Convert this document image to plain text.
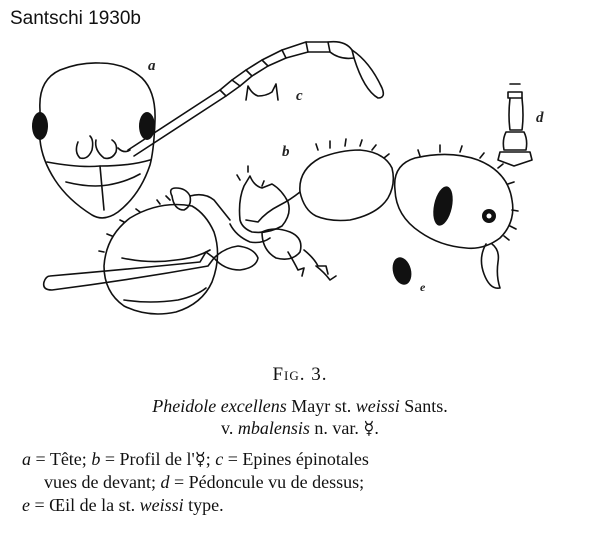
Santschi 1930b
a
b
c
d
e
Fig. 3.
Pheidole excellens Mayr st. weissi Sants.
v. mbalensis n. var. ☿.
a = Tête; b = Profil de l'☿; c = Epines épinotales
vues de devant; d = Pédoncule vu de dessus;
e = Œil de la st. weissi type.
